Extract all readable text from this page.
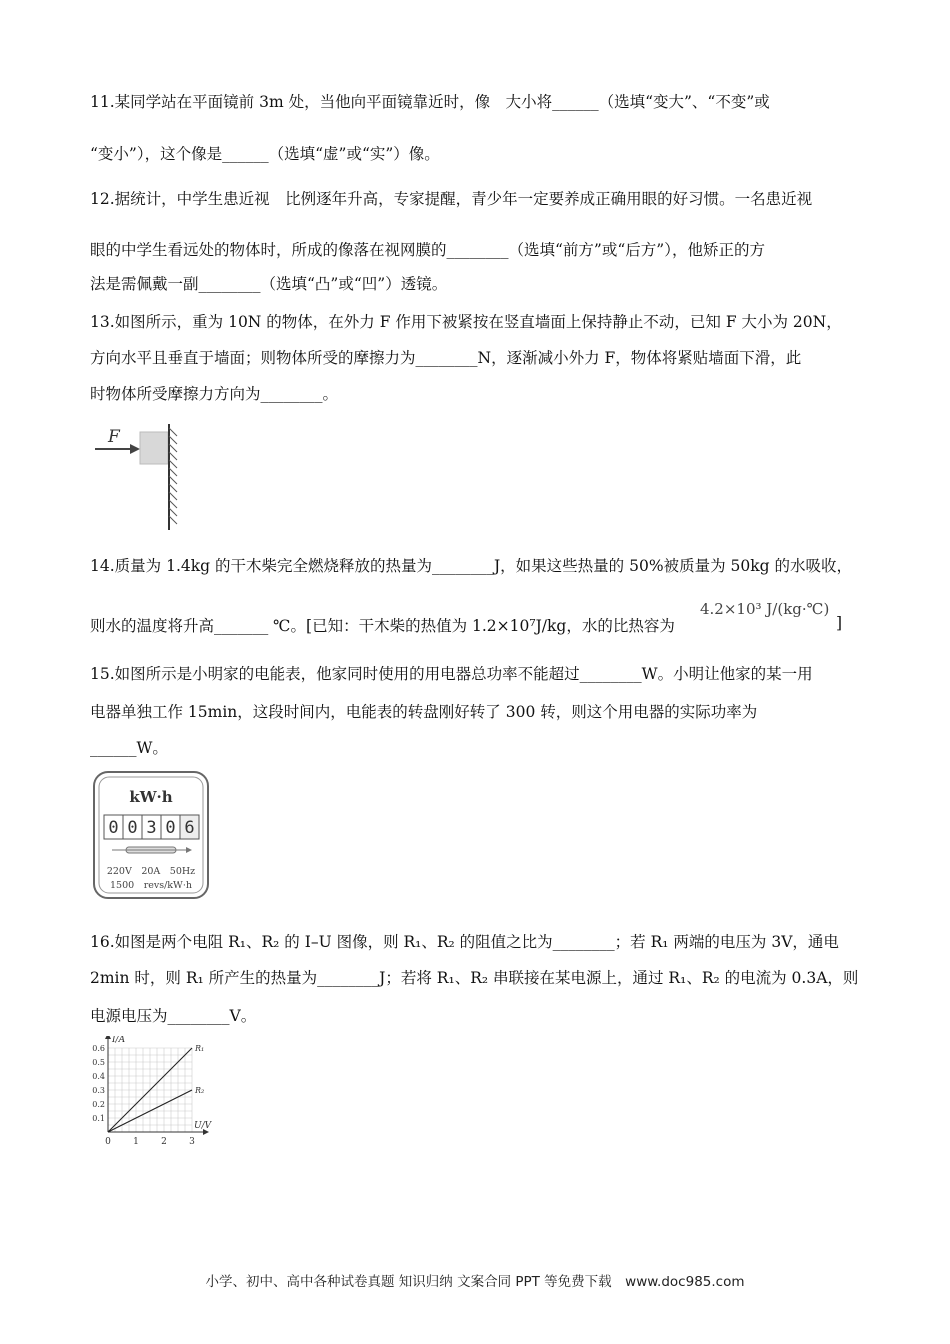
11.某同学站在平面镜前 3m 处，当他向平面镜靠近时，像　大小将______（选填“变大”、“不变”或
“变小”），这个像是______（选填“虚”或“实”）像。
12.据统计，中学生患近视　比例逐年升高，专家提醒，青少年一定要养成正确用眼的好习惯。一名患近视
眼的中学生看远处的物体时，所成的像落在视网膜的________（选填“前方”或“后方”），他矫正的方
法是需佩戴一副________（选填“凸”或“凹”）透镜。
13.如图所示，重为 10N 的物体，在外力 F 作用下被紧按在竖直墙面上保持静止不动，已知 F 大小为 20N，
方向水平且垂直于墙面；则物体所受的摩擦力为________N，逐渐减小外力 F，物体将紧贴墙面下滑，此
时物体所受摩擦力方向为________。
F
14.质量为 1.4kg 的干木柴完全燃烧释放的热量为________J，如果这些热量的 50%被质量为 50kg 的水吸收，
则水的温度将升高_______ ℃。[已知：干木柴的热值为 1.2×10⁷J/kg，水的比热容为
4.2×10³ J/(kg·℃)
]
15.如图所示是小明家的电能表，他家同时使用的用电器总功率不能超过________W。小明让他家的某一用
电器单独工作 15min，这段时间内，电能表的转盘刚好转了 300 转，则这个用电器的实际功率为
______W。
kW·h
0 0 3 0 6
220V　20A　50Hz
1500　revs/kW·h
16.如图是两个电阻 R₁、R₂ 的 I–U 图像，则 R₁、R₂ 的阻值之比为________；若 R₁ 两端的电压为 3V，通电
2min 时，则 R₁ 所产生的热量为________J；若将 R₁、R₂ 串联接在某电源上，通过 R₁、R₂ 的电流为 0.3A，则
电源电压为________V。
I/A
U/V
0 1 2 3
0.1
0.2
0.3
0.4
0.5
0.6	R₁
R₂
小学、初中、高中各种试卷真题 知识归纳 文案合同 PPT 等免费下载　www.doc985.com
